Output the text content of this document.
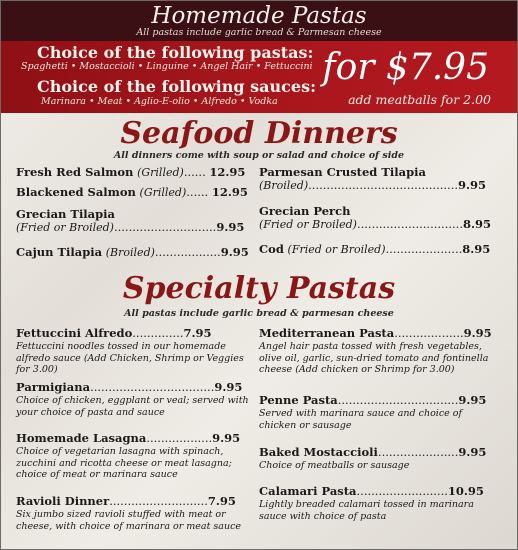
Homemade Pastas
All pastas include garlic bread & Parmesan cheese
Choice of the following pastas:
Spaghetti • Mostaccioli • Linguine • Angel Hair • Fettuccini
Choice of the following sauces:
Marinara • Meat • Aglio-E-olio • Alfredo • Vodka
for $7.95
add meatballs for 2.00
Seafood Dinners
All dinners come with soup or salad and choice of side
Fresh Red Salmon (Grilled)...... 12.95
Blackened Salmon (Grilled)...... 12.95
Grecian Tilapia
(Fried or Broiled)............................9.95
Cajun Tilapia (Broiled)..................9.95
Parmesan Crusted Tilapia
(Broiled).........................................9.95
Grecian Perch
(Fried or Broiled).............................8.95
Cod (Fried or Broiled).....................8.95
Specialty Pastas
All pastas include garlic bread & parmesan cheese
Fettuccini Alfredo..............7.95
Fettuccini noodles tossed in our homemade alfredo sauce (Add Chicken, Shrimp or Veggies for 3.00)
Parmigiana..................................9.95
Choice of chicken, eggplant or veal; served with your choice of pasta and sauce
Homemade Lasagna..................9.95
Choice of vegetarian lasagna with spinach, zucchini and ricotta cheese or meat lasagna; choice of meat or marinara sauce
Ravioli Dinner...........................7.95
Six jumbo sized ravioli stuffed with meat or cheese, with choice of marinara or meat sauce
Mediterranean Pasta...................9.95
Angel hair pasta tossed with fresh vegetables, olive oil, garlic, sun-dried tomato and fontinella cheese (Add chicken or Shrimp for 3.00)
Penne Pasta.................................9.95
Served with marinara sauce and choice of chicken or sausage
Baked Mostaccioli......................9.95
Choice of meatballs or sausage
Calamari Pasta.........................10.95
Lightly breaded calamari tossed in marinara sauce with choice of pasta
